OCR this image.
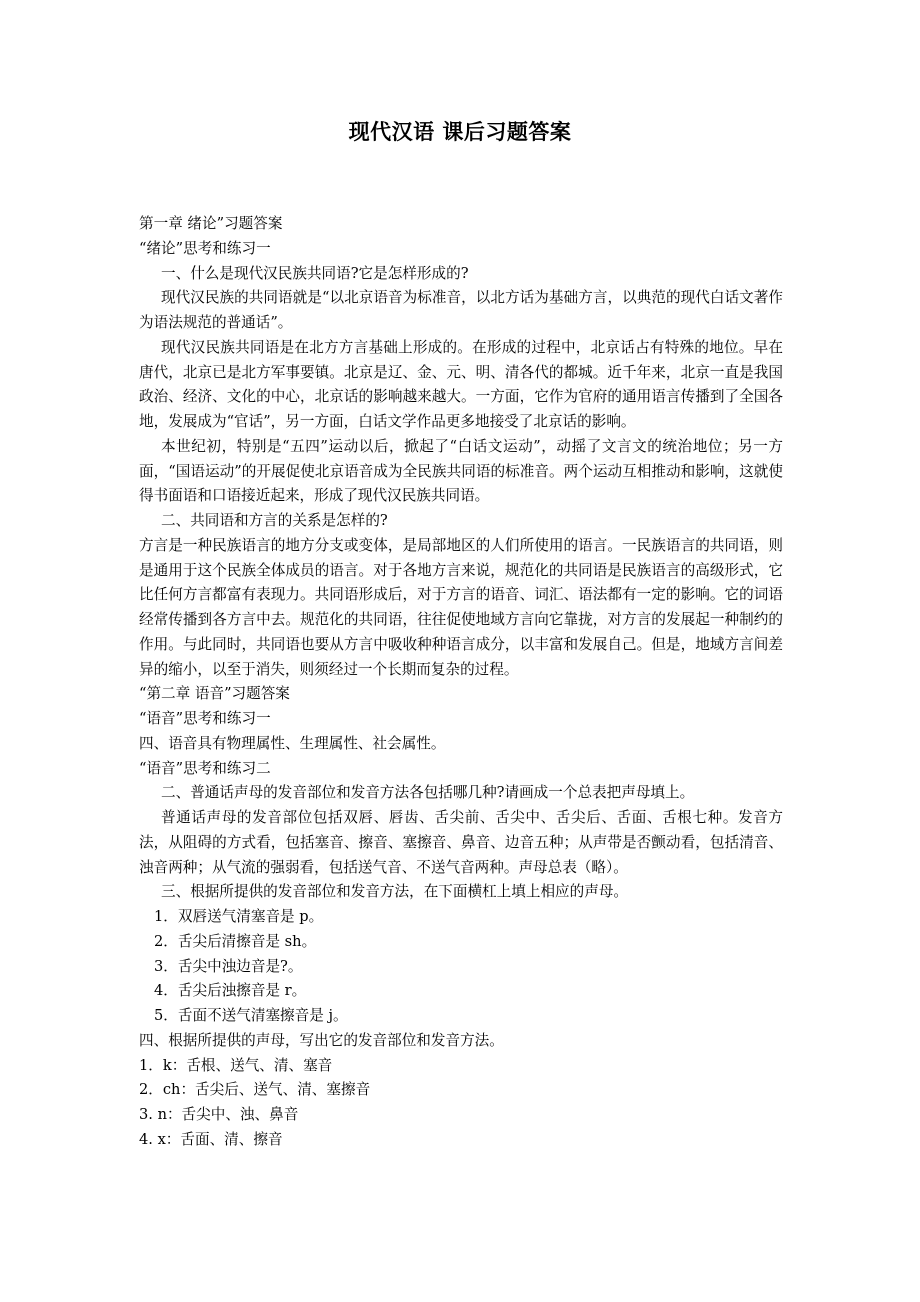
现代汉语 课后习题答案

第一章 绪论”习题答案

“绪论”思考和练习一

一、什么是现代汉民族共同语?它是怎样形成的?

现代汉民族的共同语就是“以北京语音为标准音，以北方话为基础方言，以典范的现代白话文著作为语法规范的普通话”。

现代汉民族共同语是在北方方言基础上形成的。在形成的过程中，北京话占有特殊的地位。早在唐代，北京已是北方军事要镇。北京是辽、金、元、明、清各代的都城。近千年来，北京一直是我国政治、经济、文化的中心，北京话的影响越来越大。一方面，它作为官府的通用语言传播到了全国各地，发展成为“官话”，另一方面，白话文学作品更多地接受了北京话的影响。

本世纪初，特别是“五四”运动以后，掀起了“白话文运动”，动摇了文言文的统治地位；另一方面，“国语运动”的开展促使北京语音成为全民族共同语的标准音。两个运动互相推动和影响，这就使得书面语和口语接近起来，形成了现代汉民族共同语。

二、共同语和方言的关系是怎样的?

方言是一种民族语言的地方分支或变体，是局部地区的人们所使用的语言。一民族语言的共同语，则是通用于这个民族全体成员的语言。对于各地方言来说，规范化的共同语是民族语言的高级形式，它比任何方言都富有表现力。共同语形成后，对于方言的语音、词汇、语法都有一定的影响。它的词语经常传播到各方言中去。规范化的共同语，往往促使地域方言向它靠拢，对方言的发展起一种制约的作用。与此同时，共同语也要从方言中吸收种种语言成分，以丰富和发展自己。但是，地域方言间差异的缩小，以至于消失，则须经过一个长期而复杂的过程。

“第二章 语音”习题答案

“语音”思考和练习一

四、语音具有物理属性、生理属性、社会属性。

“语音”思考和练习二

二、普通话声母的发音部位和发音方法各包括哪几种?请画成一个总表把声母填上。

普通话声母的发音部位包括双唇、唇齿、舌尖前、舌尖中、舌尖后、舌面、舌根七种。发音方法，从阻碍的方式看，包括塞音、擦音、塞擦音、鼻音、边音五种；从声带是否颤动看，包括清音、浊音两种；从气流的强弱看，包括送气音、不送气音两种。声母总表（略）。

三、根据所提供的发音部位和发音方法，在下面横杠上填上相应的声母。

1．双唇送气清塞音是 p。

2．舌尖后清擦音是 sh。

3．舌尖中浊边音是?。

4．舌尖后浊擦音是 r。

5．舌面不送气清塞擦音是 j。

四、根据所提供的声母，写出它的发音部位和发音方法。

1．k：舌根、送气、清、塞音

2．ch：舌尖后、送气、清、塞擦音

3. n：舌尖中、浊、鼻音

4. x：舌面、清、擦音
